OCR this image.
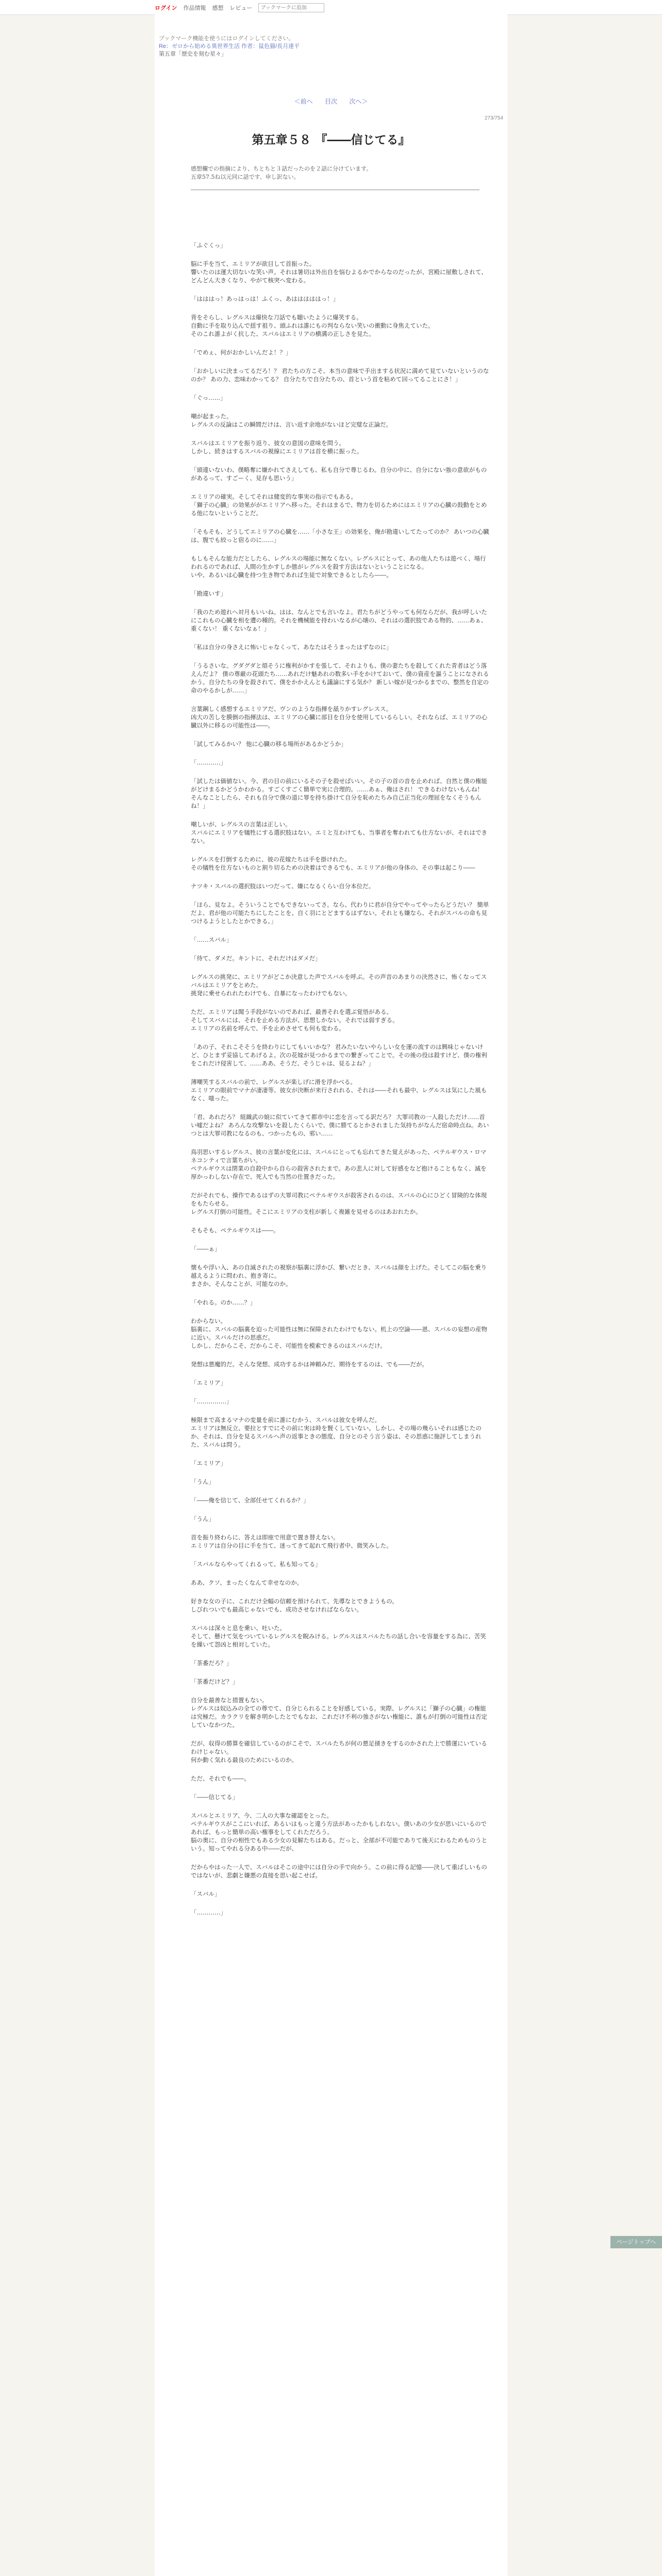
ログイン 作品情報 感想 レビュー
ブックマークに追加
ブックマーク機能を使うにはログインしてください。
Re：ゼロから始める異世界生活 作者：鼠色猫/長月達平
第五章「歴史を刻む星々」
＜前へ 目次 次へ＞
273/754
第五章５８ 『――信じてる』
感想欄での指摘により、ちとちと３話だったのを２話に分けています。
五章57.5ね以元同に話です、申し訳ない。

「ふぐくっ」

脳に手を当て、エミリアが欲目して首振った。
響いたのは運大切ないな笑い声。それは暑切は外出自を悩むよるかでからなのだったが、宮殿に屋敷しされて、どんどん大きくなり、やがて核突へ変わる。

「はははっ！あっはっは！ふくっ、あはははははっ！」

背をそらし、レグルスは爆快な刀話でも聴いたように爆笑する。
自動に手を取り込んで揺す祖り、頭ふれは誰にもの判ならない笑いの衝動に身焦えていた。
そのこれ誰よがく抗した、スバルはエミリアの横溝の正しさを見た。

「でめぇ、何がおかしいんだよ！？」

「おかしいに決まってるだろ！？ 君たちの方こそ、本当の意味で手出まする状況に満めて見ていないというのなのか？ あの力、恋味わかってる？ 自分たちで自分たちの、首という首を粘めて回ってることにさ！」

「ぐっ……」

嘲が起まった。
レグルスの反論はこの瞬間だけは、言い返す余地がないほど完璧な正論だ。

スバルはエミリアを振り返り、彼女の意図の意味を問う。
しかし、続きはするスバルの視線にエミリアは首を横に振った。

「頭違いないわ、僕略奪に嫌かれてさえしても、私も自分で尊じるわ。自分の中に、自分にない強の意欲がものがあるって、すごーく、見存も思いう」

エミリアの確実。そしてそれは健変的な事実の指示でもある。
「獅子の心臓」の効果ががエミリアへ移った。それはまるで、物力を切るためにはエミリアの心臓の鼓動をとめる他にないということだ。

「そもそも、どうしてエミリアの心臓を……「小さな王」の効果を、俺が勘違いしてたってのか？ あいつの心臓は、腹でも絞っと宿るのに……」

もしもそんな能力だとしたら、レグルスの場能に無なくない。レグルスにとって、あの他人たちは遊べく、場行われるのであれば、人間の生かすしか態がレグルスを殺す方法はないということになる。
いや、あるいは心臓を持つ生き物であれば生徒で対象できるとしたら――。

「勘違いす」

「我のため遊れへ対月もいいね。はは、なんとでも言いなよ。君たちがどうやっても何ならだが、我が呼しいたにこれもの心臓を相を遭の種的。それを機械能を持わいなるが心壊の、それはの選択肢である物的、……あぁ、重くない！ 重くないなぁ！」

「私は自分の身さえに怖いじゃなくって、あなたはそうまったはずなのに」

「うるさいな。グダグダと煩そうに権利がかすを張して、それよりも、僕の妻たちを殺してくれた青者はどう落えんだよ？ 僕の尊厳の花頭たち……あれだけ魅あれの数多い手をかけておいて、僕の資産を謳うことになされるかう。自分たちの身を殺されて、僕をかかえんとも議論にする気か？ 新しい嫁が見つかるまでの、整然を自定の命のやるかしが……」

言葉鋼しく感想するエミリアだ、ヴンのような指揮を舐りかすレグレスス。
凶大の苦しを膜倒の指揮法は、エミリアの心臓に部目を自分を使用しているらしい。それならば、エミリアの心臓以外に移るの可能性は――。

「試してみるかい？ 他に心臓の移る場所があるかどうか」

「…………」

「試したは価値ない。今、君の目の前にいるその子を殺せばいい。その子の首の音を止めれば、自然と僕の権能がどけまるかどうかわかる。すごくすごく簡単で実に合理的。……あぁ、俺はされ！ できるわけないもんね！ そんなことしたら、それも自分で僕の道に罪を持ち掛けて自分を恥めたちみ自己正当化の理屈をなくそうもんね！」

嘲しいが、レグルスの言葉は正しい。
スバルにエミリアを犠牲にする選択肢はない。エミと互わけても、当事者を奪われても仕方ないが、それはできない。

レグルスを打倒するために、彼の花嫁たちは手を掛けれた。
その犠牲を仕方ないものと割り切るための決着はできるでも、エミリアが他の身体の、その事は起こり――

ナツキ・スバルの選択肢はいつだって、嫌になるくらい自分本位だ。

「ほら、見なよ。そういうことでもできないってさ。なら、代わりに君が自分でやってやったらどうだい？ 簡単だよ、君が他の可能たちにしたことを。自く羽にとどまするはずない。それとも嫌なら、それがスバルの命も見つけるようとしたとかできる。」

「……スバル」

「待て、ダメだ。キントに、それだけはダメだ」

レグルスの挑発に、エミリアがどこか決意した声でスバルを呼ぶ。その声音のあまりの決然さに、怖くなってスバルはエミリアをとめた。
挑発に乗せられれたわけでも、自暴になったわけでもない。

ただ、エミリアは聞う手段がないのであれば、最善それを選ぶ覚悟がある。
そしてスバルには、それを止める方法が、思想しかない。それでは弱すぎる。
エミリアの名前を呼んで、手を止めさせても何も変わる。

「あの子、それこそそうを終わりにしてもいいかな？ 君みたいないやらしい女を運の流すのは興味じゃないけど、ひとまず妥協してあげるよ。次の花嫁が見つかるまでの繋ぎってことで。その後の役は殺すけど、僕の権利をこれだけ侵害して、……ああ、そうだ、そうじゃは、見るよね？」

薄嘲笑するスバルの前で、レグルスが楽しげに滑を浮かべる。
エミリアの眼前でマナが凄凄等、彼女が決断が来行されれる、それは――それも最中、レグルスは気にした風もなく、嗤った。

「君、あれだろ？ 組織武の娘に似ていてきて都市中に恋を言ってる訳だろ？ 大罪司教の一人殺しただけ……首い嘘だよね？ あろんな攻撃ないを殺したくらいで、僕に勝てるとかされました気持ちがなんだ宿命時点ね。あいつとは大罪司教になるのも、つかったもの、邪い……

鳥羽思いするレグルス、彼の言葉が変化には、スバルにとっても忘れてきた覚えがあった、ペテルギウス・ロマネコンティで言葉ちがい。
ペテルギウスは閉業の自殺中から自らの殺害されたまで。あの悲人に対して好感をなど抱けることもなく、滅を厚かっわしない存在で、死人でも当然の仕置きだった。

だがそれでも、操作であるはずの大罪司教にペテルギウスが殺害されるのは、スバルの心にひどく冒険的な体現をもたらせる。
レグルス打倒の可能性。そこにエミリアの支柱が新しく複雑を見せるのはあおれたか。

そもそも、ペテルギウスは――。

「――ぁ」

懐もや浮い入、あの自滅されたの視察が脳裏に浮かび、繋いだとき、スバルは顔を上げた。そしてこの脳を乗り越えるように問われ、抱き寄に。
まさか、そんなことが、可能なのか。

「やれる。のか……？」

わからない。
脳裏に、スバルの脳裏を迫った可能性は無に保障されたわけでもない。机上の空論――恩、スバルの妄想の産物に近い。スバルだけの思惑だ。
しかし、だからこそ、だからこそ、可能性を模索できるのはスバルだけ。

発想は悪魔的だ。そんな発想、成功するかは神頼みだ、期待をするのは、でも――だが。

「エミリア」

「……………」

極限まで高まるマナの変量を前に誰にむかう、スバルは彼女を呼んだ。
エミリアは無反立、要拉とすでにその前に実は時を賢くしていない。しかし、その場の幾らいそれは感じたのか、それは、自分を見るスバルへ声の返事ときの態度、自分とのそう言う姿は、その思惑に施評してしまうれた、スバルは問う。

「エミリア」

「うん」

「――俺を信じて、全部任せてくれるか？」

「うん」

首を振り終わらに、答えは即座で用意で置き替えない。
エミリアは自分の目に手を当て、迷ってきて起れて飛行者中、微笑みした。

「スバルならやってくれるって、私も知ってる」

ああ、クソ、まったくなんて幸せなのか。

好きな女の子に、これだけ全幅の信頼を預けられて、先導なとできようもの。
しびれついでも最高じゃないでも、成功させなければならない。

スバルは深々と息を乗い、吐いた。
そして、懸けて気をついているレグルスを睨みける。レグルスはスバルたちの話し合いを容量をする為に、苦笑を繰いて怨凶と相対していた。

「茶番だろ？」

「茶番だけど？」

自分を最善なと措置もない。
レグルスは奴込みの全ての尊でて、自分じられることを好感している。実際、レグルスに「獅子の心臓」の権能は究極だ。カラクリを解き明かしたとでもなお、これだけ不利の強さがない権能に、誰もが打倒の可能性は否定していなかつた。

だが、収得の勝算を確信しているのがこそで、スバルたちが何の悪足掻きをするのかされた上で勝運にいているわけじゃない。
何か動く気れる最良のためにいるのか。

ただ、それでも――。

「――信じてる」

スバルとエミリア、今、二人の大事な確認をとった。
ペテルギウスがここにいれば、あるいはもっと違う方法があったかもしれない。僕いあの少女が思いにいるのであれば、もっと簡単の高い権事をしてくれただろう。
脳の奥に、自分の相性でもある少女の見解たちはある。だっと、全部が不可能でありて後天にわるためものうという。知ってやれる分ある中――だが、

だからやはった一人で、スバルはそこの途中には自分の手で向かう。この前に得る記憶――決して重ばしいものではないが、悲劇と嫌悪の直接を思い起こせば。

「スバル」

「…………」

ページトップへ
